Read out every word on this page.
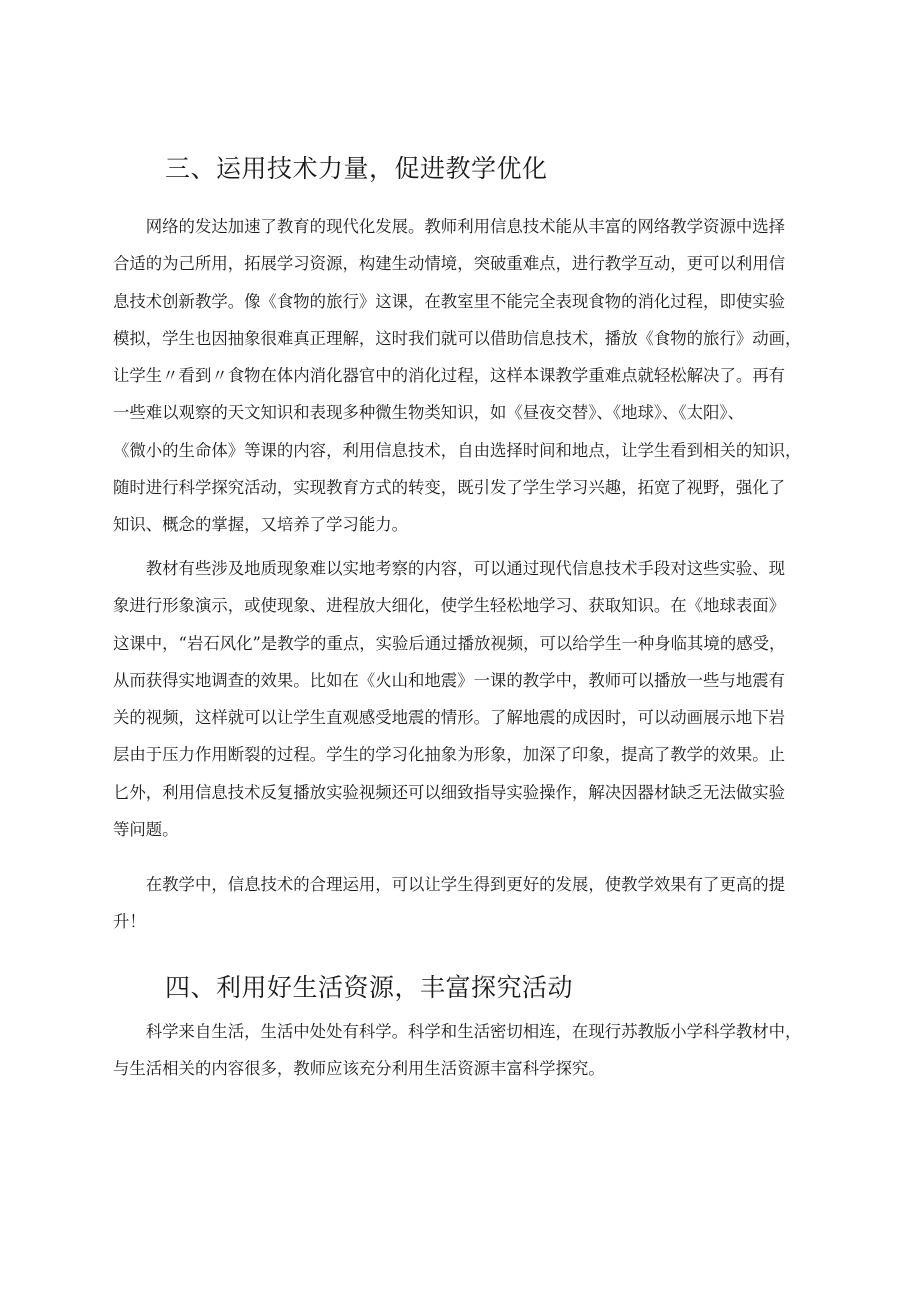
三、运用技术力量，促进教学优化
　　网络的发达加速了教育的现代化发展。教师利用信息技术能从丰富的网络教学资源中选择
合适的为己所用，拓展学习资源，构建生动情境，突破重难点，进行教学互动，更可以利用信
息技术创新教学。像《食物的旅行》这课，在教室里不能完全表现食物的消化过程，即使实验
模拟，学生也因抽象很难真正理解，这时我们就可以借助信息技术，播放《食物的旅行》动画，
让学生〃看到〃食物在体内消化器官中的消化过程，这样本课教学重难点就轻松解决了。再有
一些难以观察的天文知识和表现多种微生物类知识，如《昼夜交替》、《地球》、《太阳》、
《微小的生命体》等课的内容，利用信息技术，自由选择时间和地点，让学生看到相关的知识，
随时进行科学探究活动，实现教育方式的转变，既引发了学生学习兴趣，拓宽了视野，强化了
知识、概念的掌握，又培养了学习能力。
　　教材有些涉及地质现象难以实地考察的内容，可以通过现代信息技术手段对这些实验、现
象进行形象演示，或使现象、进程放大细化，使学生轻松地学习、获取知识。在《地球表面》
这课中，“岩石风化”是教学的重点，实验后通过播放视频，可以给学生一种身临其境的感受，
从而获得实地调查的效果。比如在《火山和地震》一课的教学中，教师可以播放一些与地震有
关的视频，这样就可以让学生直观感受地震的情形。了解地震的成因时，可以动画展示地下岩
层由于压力作用断裂的过程。学生的学习化抽象为形象，加深了印象，提高了教学的效果。止
匕外，利用信息技术反复播放实验视频还可以细致指导实验操作，解决因器材缺乏无法做实验
等问题。
　　在教学中，信息技术的合理运用，可以让学生得到更好的发展，使教学效果有了更高的提
升！
四、利用好生活资源，丰富探究活动
　　科学来自生活，生活中处处有科学。科学和生活密切相连，在现行苏教版小学科学教材中，
与生活相关的内容很多，教师应该充分利用生活资源丰富科学探究。
